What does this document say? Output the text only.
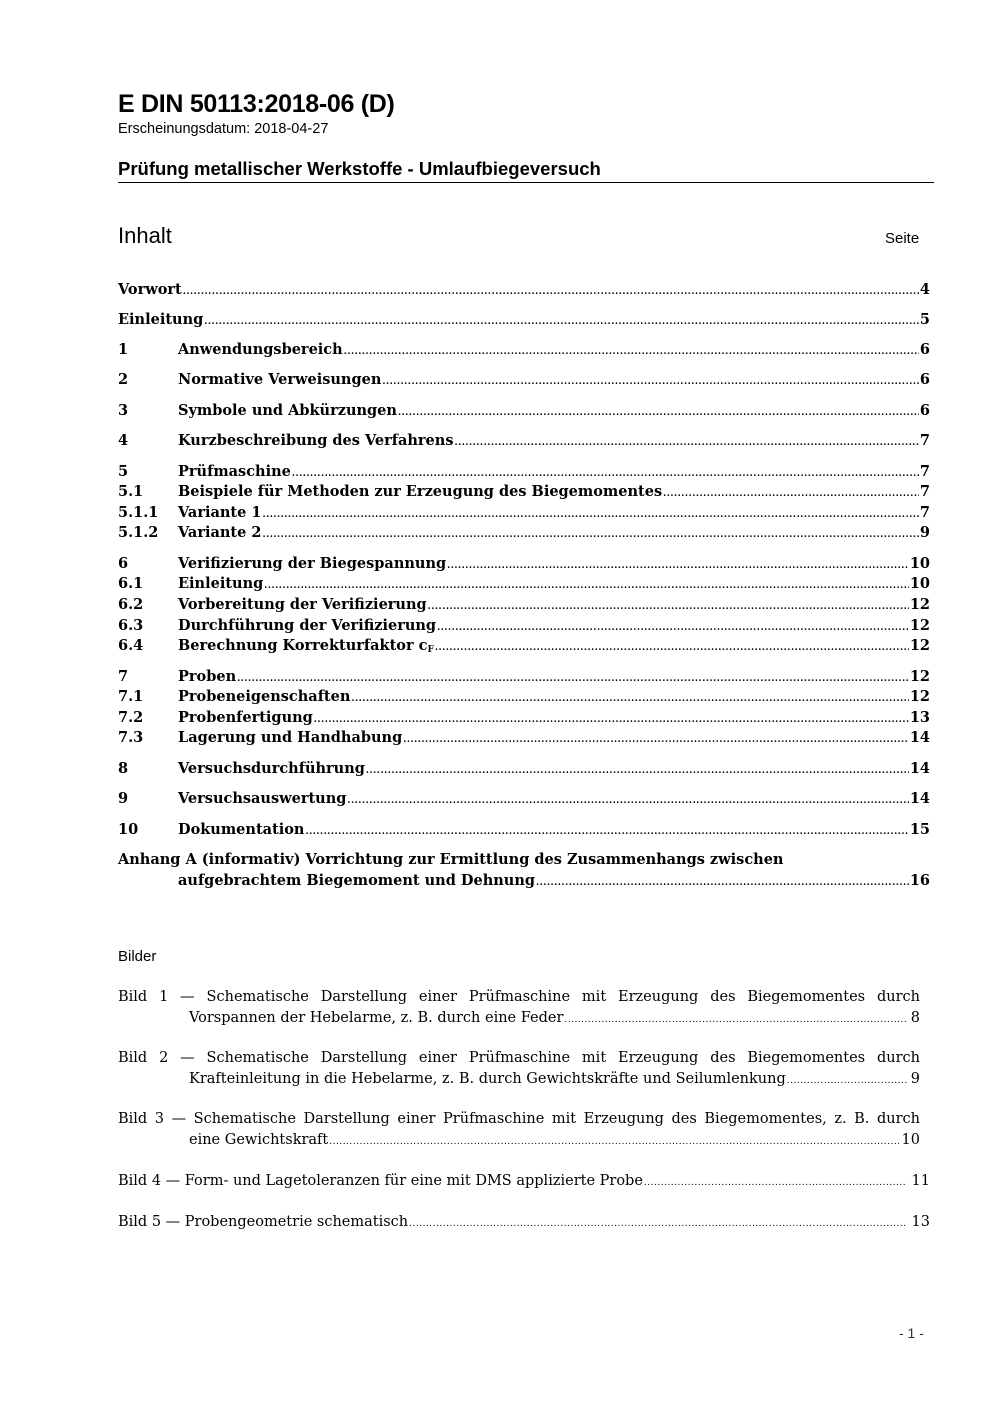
E DIN 50113:2018-06 (D)
Erscheinungsdatum: 2018-04-27
Prüfung metallischer Werkstoffe - Umlaufbiegeversuch
Inhalt	Seite
Vorwort .....	4
Einleitung .....	5
1	Anwendungsbereich .....	6
2	Normative Verweisungen .....	6
3	Symbole und Abkürzungen .....	6
4	Kurzbeschreibung des Verfahrens .....	7
5	Prüfmaschine .....	7
5.1	Beispiele für Methoden zur Erzeugung des Biegemomentes .....	7
5.1.1	Variante 1 .....	7
5.1.2	Variante 2 .....	9
6	Verifizierung der Biegespannung .....	10
6.1	Einleitung .....	10
6.2	Vorbereitung der Verifizierung .....	12
6.3	Durchführung der Verifizierung .....	12
6.4	Berechnung Korrekturfaktor $c_F$ .....	12
7	Proben .....	12
7.1	Probeneigenschaften .....	12
7.2	Probenfertigung .....	13
7.3	Lagerung und Handhabung .....	14
8	Versuchsdurchführung .....	14
9	Versuchsauswertung .....	14
10	Dokumentation .....	15
Anhang A (informativ) Vorrichtung zur Ermittlung des Zusammenhangs zwischen
aufgebrachtem Biegemoment und Dehnung .....	16
Bilder
Bild 1 — Schematische Darstellung einer Prüfmaschine mit Erzeugung des Biegemomentes durch
Vorspannen der Hebelarme, z. B. durch eine Feder .....	8
Bild 2 — Schematische Darstellung einer Prüfmaschine mit Erzeugung des Biegemomentes durch
Krafteinleitung in die Hebelarme, z. B. durch Gewichtskräfte und Seilumlenkung .....	9
Bild 3 — Schematische Darstellung einer Prüfmaschine mit Erzeugung des Biegemomentes, z. B. durch
eine Gewichtskraft .....	10
Bild 4 — Form- und Lagetoleranzen für eine mit DMS applizierte Probe .....	11
Bild 5 — Probengeometrie schematisch .....	13
- 1 -
